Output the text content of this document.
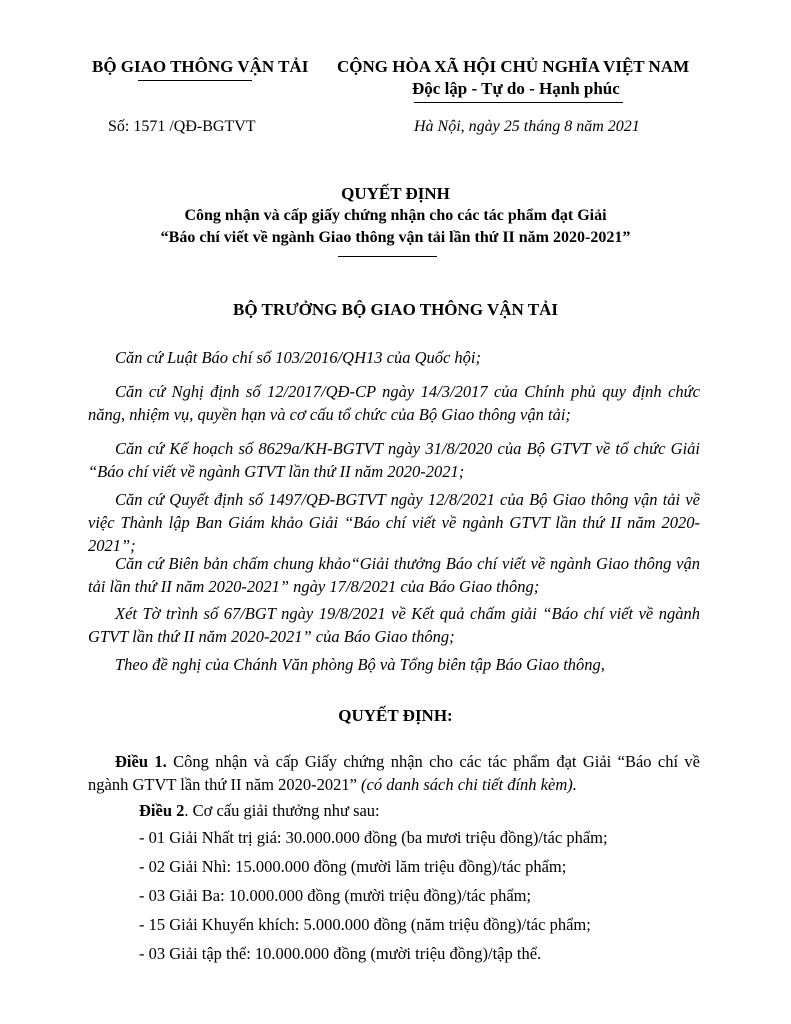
BỘ GIAO THÔNG VẬN TẢI CỘNG HÒA XÃ HỘI CHỦ NGHĨA VIỆT NAM
Độc lập - Tự do - Hạnh phúc
Số: 1571 /QĐ-BGTVT	Hà Nội, ngày 25 tháng 8 năm 2021
QUYẾT ĐỊNH
Công nhận và cấp giấy chứng nhận cho các tác phẩm đạt Giải
“Báo chí viết về ngành Giao thông vận tải lần thứ II năm 2020-2021”
BỘ TRƯỞNG BỘ GIAO THÔNG VẬN TẢI
Căn cứ Luật Báo chí số 103/2016/QH13 của Quốc hội;
Căn cứ Nghị định số 12/2017/QĐ-CP ngày 14/3/2017 của Chính phủ quy định chức năng, nhiệm vụ, quyền hạn và cơ cấu tổ chức của Bộ Giao thông vận tải;
Căn cứ Kế hoạch số 8629a/KH-BGTVT ngày 31/8/2020 của Bộ GTVT về tổ chức Giải “Báo chí viết về ngành GTVT lần thứ II năm 2020-2021;
Căn cứ Quyết định số 1497/QĐ-BGTVT ngày 12/8/2021 của Bộ Giao thông vận tải về việc Thành lập Ban Giám khảo Giải “Báo chí viết về ngành GTVT lần thứ II năm 2020-2021”;
Căn cứ Biên bản chấm chung khảo“Giải thưởng Báo chí viết về ngành Giao thông vận tải lần thứ II năm 2020-2021” ngày 17/8/2021 của Báo Giao thông;
Xét Tờ trình số 67/BGT ngày 19/8/2021 về Kết quả chấm giải “Báo chí viết về ngành GTVT lần thứ II năm 2020-2021” của Báo Giao thông;
Theo đề nghị của Chánh Văn phòng Bộ và Tổng biên tập Báo Giao thông,
QUYẾT ĐỊNH:
Điều 1. Công nhận và cấp Giấy chứng nhận cho các tác phẩm đạt Giải “Báo chí về ngành GTVT lần thứ II năm 2020-2021” (có danh sách chi tiết đính kèm).
Điều 2. Cơ cấu giải thưởng như sau:
- 01 Giải Nhất trị giá: 30.000.000 đồng (ba mươi triệu đồng)/tác phẩm;
- 02 Giải Nhì: 15.000.000 đồng (mười lăm triệu đồng)/tác phẩm;
- 03 Giải Ba: 10.000.000 đồng (mười triệu đồng)/tác phẩm;
- 15 Giải Khuyến khích: 5.000.000 đồng (năm triệu đồng)/tác phẩm;
- 03 Giải tập thể: 10.000.000 đồng (mười triệu đồng)/tập thể.
